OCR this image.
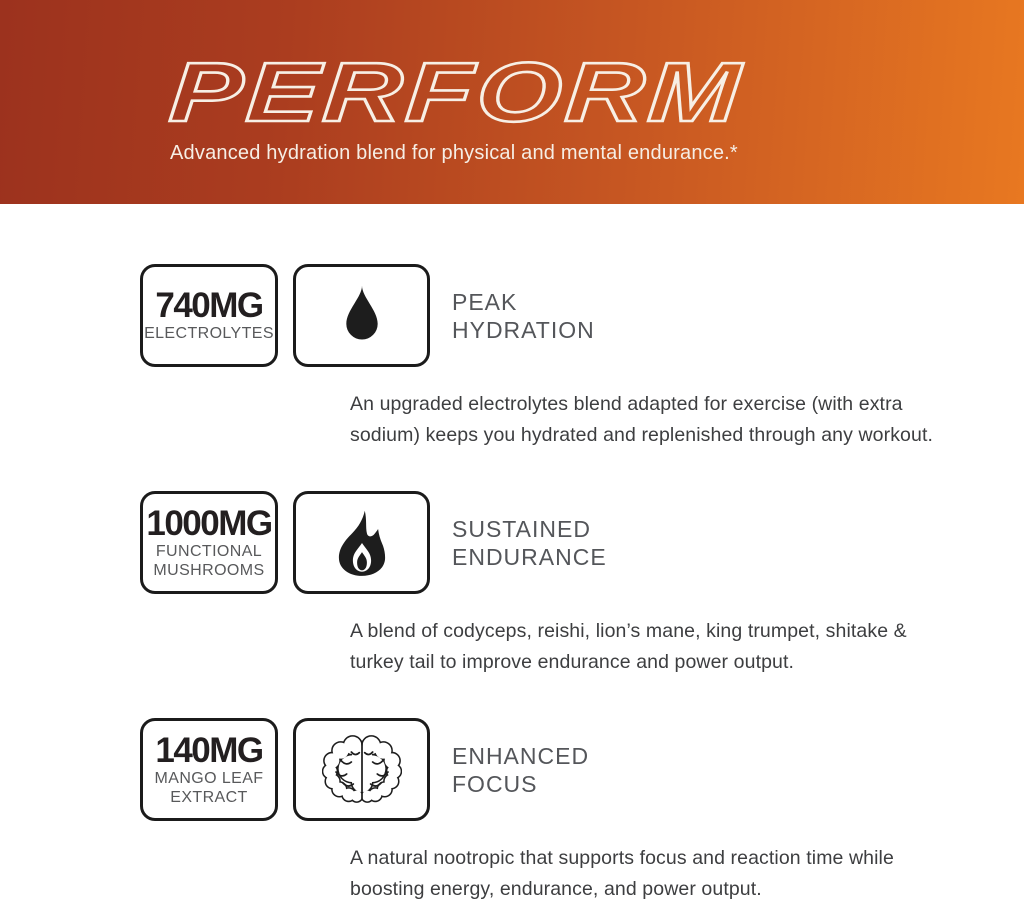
PERFORM

Advanced hydration blend for physical and mental endurance.*

740MG
ELECTROLYTES
PEAK
HYDRATION

An upgraded electrolytes blend adapted for exercise (with extra
sodium) keeps you hydrated and replenished through any workout.

1000MG
FUNCTIONAL
MUSHROOMS
SUSTAINED
ENDURANCE

A blend of codyceps, reishi, lion’s mane, king trumpet, shitake &
turkey tail to improve endurance and power output.

140MG
MANGO LEAF
EXTRACT
ENHANCED
FOCUS

A natural nootropic that supports focus and reaction time while
boosting energy, endurance, and power output.
